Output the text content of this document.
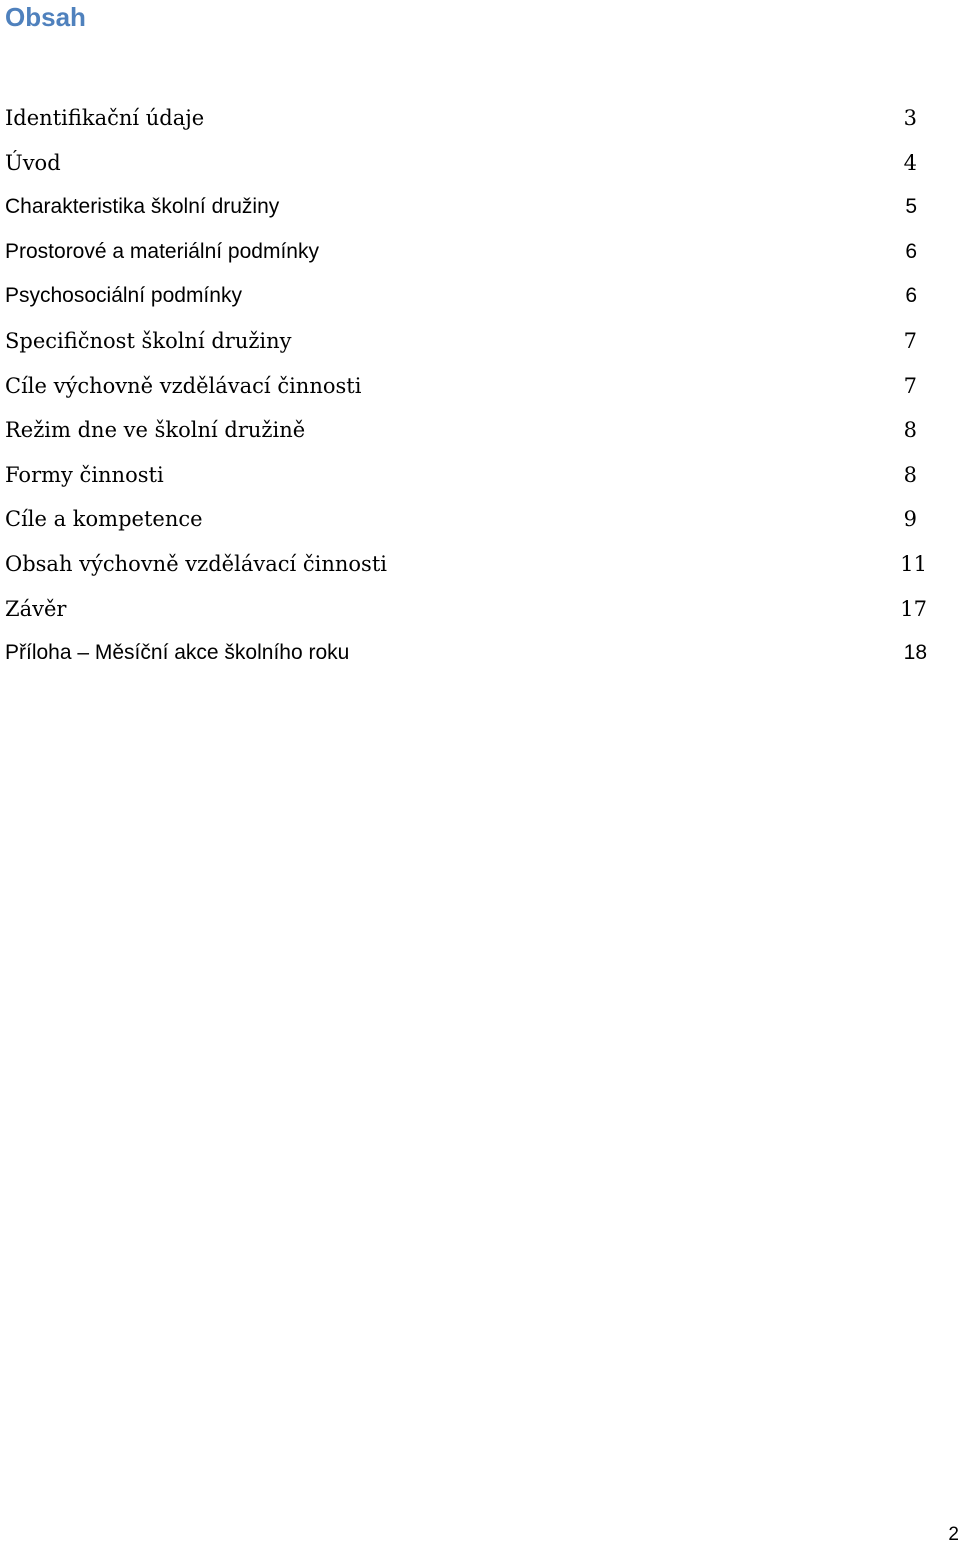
Obsah
Identifikační údaje	3
Úvod	4
Charakteristika školní družiny	5
Prostorové a materiální podmínky	6
Psychosociální podmínky	6
Specifičnost školní družiny	7
Cíle výchovně vzdělávací činnosti	7
Režim dne ve školní družině	8
Formy činnosti	8
Cíle a kompetence	9
Obsah výchovně vzdělávací činnosti	11
Závěr	17
Příloha – Měsíční akce školního roku	18
2
